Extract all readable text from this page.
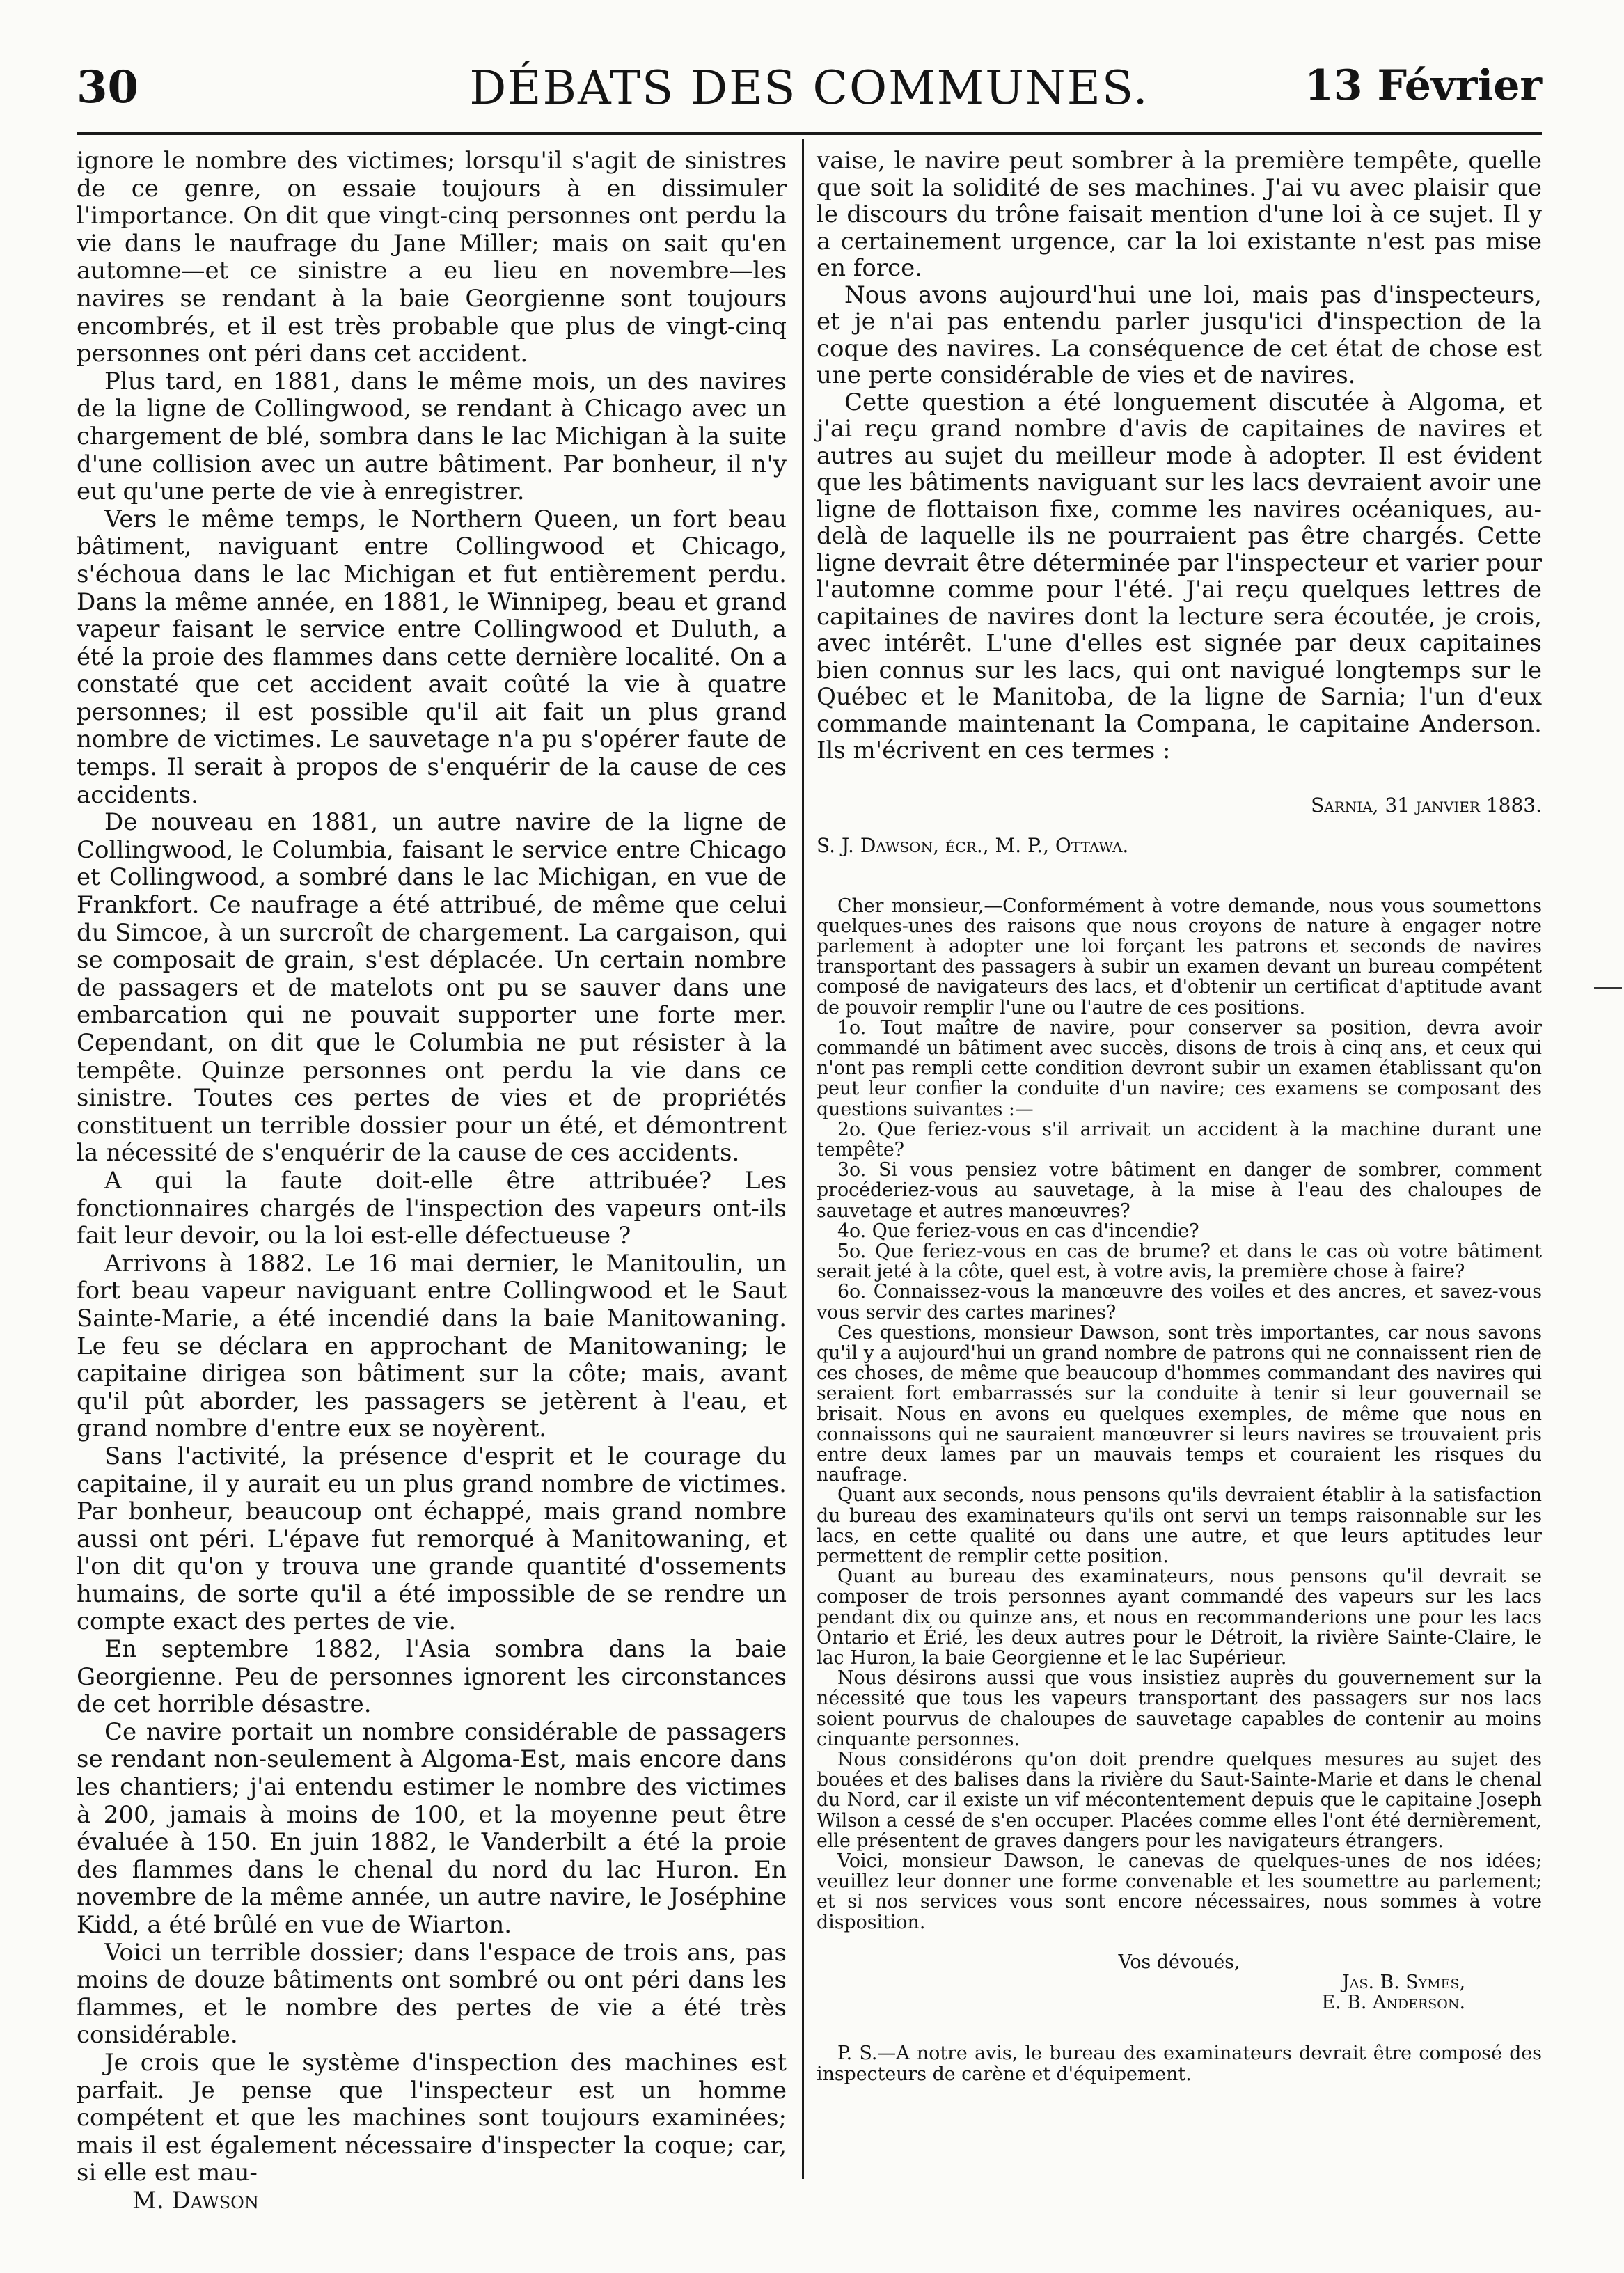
30	DÉBATS DES COMMUNES.	13 Février

ignore le nombre des victimes; lorsqu'il s'agit de sinistres de ce genre, on essaie toujours à en dissimuler l'importance. On dit que vingt-cinq personnes ont perdu la vie dans le naufrage du Jane Miller; mais on sait qu'en automne—et ce sinistre a eu lieu en novembre—les navires se rendant à la baie Georgienne sont toujours encombrés, et il est très probable que plus de vingt-cinq personnes ont péri dans cet accident.

Plus tard, en 1881, dans le même mois, un des navires de la ligne de Collingwood, se rendant à Chicago avec un chargement de blé, sombra dans le lac Michigan à la suite d'une collision avec un autre bâtiment. Par bonheur, il n'y eut qu'une perte de vie à enregistrer.

Vers le même temps, le Northern Queen, un fort beau bâtiment, naviguant entre Collingwood et Chicago, s'échoua dans le lac Michigan et fut entièrement perdu. Dans la même année, en 1881, le Winnipeg, beau et grand vapeur faisant le service entre Collingwood et Duluth, a été la proie des flammes dans cette dernière localité. On a constaté que cet accident avait coûté la vie à quatre personnes; il est possible qu'il ait fait un plus grand nombre de victimes. Le sauvetage n'a pu s'opérer faute de temps. Il serait à propos de s'enquérir de la cause de ces accidents.

De nouveau en 1881, un autre navire de la ligne de Collingwood, le Columbia, faisant le service entre Chicago et Collingwood, a sombré dans le lac Michigan, en vue de Frankfort. Ce naufrage a été attribué, de même que celui du Simcoe, à un surcroît de chargement. La cargaison, qui se composait de grain, s'est déplacée. Un certain nombre de passagers et de matelots ont pu se sauver dans une embarcation qui ne pouvait supporter une forte mer. Cependant, on dit que le Columbia ne put résister à la tempête. Quinze personnes ont perdu la vie dans ce sinistre. Toutes ces pertes de vies et de propriétés constituent un terrible dossier pour un été, et démontrent la nécessité de s'enquérir de la cause de ces accidents.

A qui la faute doit-elle être attribuée? Les fonctionnaires chargés de l'inspection des vapeurs ont-ils fait leur devoir, ou la loi est-elle défectueuse ?

Arrivons à 1882. Le 16 mai dernier, le Manitoulin, un fort beau vapeur naviguant entre Collingwood et le Saut Sainte-Marie, a été incendié dans la baie Manitowaning. Le feu se déclara en approchant de Manitowaning; le capitaine dirigea son bâtiment sur la côte; mais, avant qu'il pût aborder, les passagers se jetèrent à l'eau, et grand nombre d'entre eux se noyèrent.

Sans l'activité, la présence d'esprit et le courage du capitaine, il y aurait eu un plus grand nombre de victimes. Par bonheur, beaucoup ont échappé, mais grand nombre aussi ont péri. L'épave fut remorqué à Manitowaning, et l'on dit qu'on y trouva une grande quantité d'ossements humains, de sorte qu'il a été impossible de se rendre un compte exact des pertes de vie.

En septembre 1882, l'Asia sombra dans la baie Georgienne. Peu de personnes ignorent les circonstances de cet horrible désastre.

Ce navire portait un nombre considérable de passagers se rendant non-seulement à Algoma-Est, mais encore dans les chantiers; j'ai entendu estimer le nombre des victimes à 200, jamais à moins de 100, et la moyenne peut être évaluée à 150. En juin 1882, le Vanderbilt a été la proie des flammes dans le chenal du nord du lac Huron. En novembre de la même année, un autre navire, le Joséphine Kidd, a été brûlé en vue de Wiarton.

Voici un terrible dossier; dans l'espace de trois ans, pas moins de douze bâtiments ont sombré ou ont péri dans les flammes, et le nombre des pertes de vie a été très considérable.

Je crois que le système d'inspection des machines est parfait. Je pense que l'inspecteur est un homme compétent et que les machines sont toujours examinées; mais il est également nécessaire d'inspecter la coque; car, si elle est mau-

M. Dawson

vaise, le navire peut sombrer à la première tempête, quelle que soit la solidité de ses machines. J'ai vu avec plaisir que le discours du trône faisait mention d'une loi à ce sujet. Il y a certainement urgence, car la loi existante n'est pas mise en force.

Nous avons aujourd'hui une loi, mais pas d'inspecteurs, et je n'ai pas entendu parler jusqu'ici d'inspection de la coque des navires. La conséquence de cet état de chose est une perte considérable de vies et de navires.

Cette question a été longuement discutée à Algoma, et j'ai reçu grand nombre d'avis de capitaines de navires et autres au sujet du meilleur mode à adopter. Il est évident que les bâtiments naviguant sur les lacs devraient avoir une ligne de flottaison fixe, comme les navires océaniques, au-delà de laquelle ils ne pourraient pas être chargés. Cette ligne devrait être déterminée par l'inspecteur et varier pour l'automne comme pour l'été. J'ai reçu quelques lettres de capitaines de navires dont la lecture sera écoutée, je crois, avec intérêt. L'une d'elles est signée par deux capitaines bien connus sur les lacs, qui ont navigué longtemps sur le Québec et le Manitoba, de la ligne de Sarnia; l'un d'eux commande maintenant la Compana, le capitaine Anderson. Ils m'écrivent en ces termes :

Sarnia, 31 janvier 1883.

S. J. Dawson, écr., M. P., Ottawa.

Cher monsieur,—Conformément à votre demande, nous vous soumettons quelques-unes des raisons que nous croyons de nature à engager notre parlement à adopter une loi forçant les patrons et seconds de navires transportant des passagers à subir un examen devant un bureau compétent composé de navigateurs des lacs, et d'obtenir un certificat d'aptitude avant de pouvoir remplir l'une ou l'autre de ces positions.

1o. Tout maître de navire, pour conserver sa position, devra avoir commandé un bâtiment avec succès, disons de trois à cinq ans, et ceux qui n'ont pas rempli cette condition devront subir un examen établissant qu'on peut leur confier la conduite d'un navire; ces examens se composant des questions suivantes :—

2o. Que feriez-vous s'il arrivait un accident à la machine durant une tempête?

3o. Si vous pensiez votre bâtiment en danger de sombrer, comment procéderiez-vous au sauvetage, à la mise à l'eau des chaloupes de sauvetage et autres manœuvres?

4o. Que feriez-vous en cas d'incendie?

5o. Que feriez-vous en cas de brume? et dans le cas où votre bâtiment serait jeté à la côte, quel est, à votre avis, la première chose à faire?

6o. Connaissez-vous la manœuvre des voiles et des ancres, et savez-vous vous servir des cartes marines?

Ces questions, monsieur Dawson, sont très importantes, car nous savons qu'il y a aujourd'hui un grand nombre de patrons qui ne connaissent rien de ces choses, de même que beaucoup d'hommes commandant des navires qui seraient fort embarrassés sur la conduite à tenir si leur gouvernail se brisait. Nous en avons eu quelques exemples, de même que nous en connaissons qui ne sauraient manœuvrer si leurs navires se trouvaient pris entre deux lames par un mauvais temps et couraient les risques du naufrage.

Quant aux seconds, nous pensons qu'ils devraient établir à la satisfaction du bureau des examinateurs qu'ils ont servi un temps raisonnable sur les lacs, en cette qualité ou dans une autre, et que leurs aptitudes leur permettent de remplir cette position.

Quant au bureau des examinateurs, nous pensons qu'il devrait se composer de trois personnes ayant commandé des vapeurs sur les lacs pendant dix ou quinze ans, et nous en recommanderions une pour les lacs Ontario et Érié, les deux autres pour le Détroit, la rivière Sainte-Claire, le lac Huron, la baie Georgienne et le lac Supérieur.

Nous désirons aussi que vous insistiez auprès du gouvernement sur la nécessité que tous les vapeurs transportant des passagers sur nos lacs soient pourvus de chaloupes de sauvetage capables de contenir au moins cinquante personnes.

Nous considérons qu'on doit prendre quelques mesures au sujet des bouées et des balises dans la rivière du Saut-Sainte-Marie et dans le chenal du Nord, car il existe un vif mécontentement depuis que le capitaine Joseph Wilson a cessé de s'en occuper. Placées comme elles l'ont été dernièrement, elle présentent de graves dangers pour les navigateurs étrangers.

Voici, monsieur Dawson, le canevas de quelques-unes de nos idées; veuillez leur donner une forme convenable et les soumettre au parlement; et si nos services vous sont encore nécessaires, nous sommes à votre disposition.

Vos dévoués,

Jas. B. Symes,

E. B. Anderson.

P. S.—A notre avis, le bureau des examinateurs devrait être composé des inspecteurs de carène et d'équipement.
